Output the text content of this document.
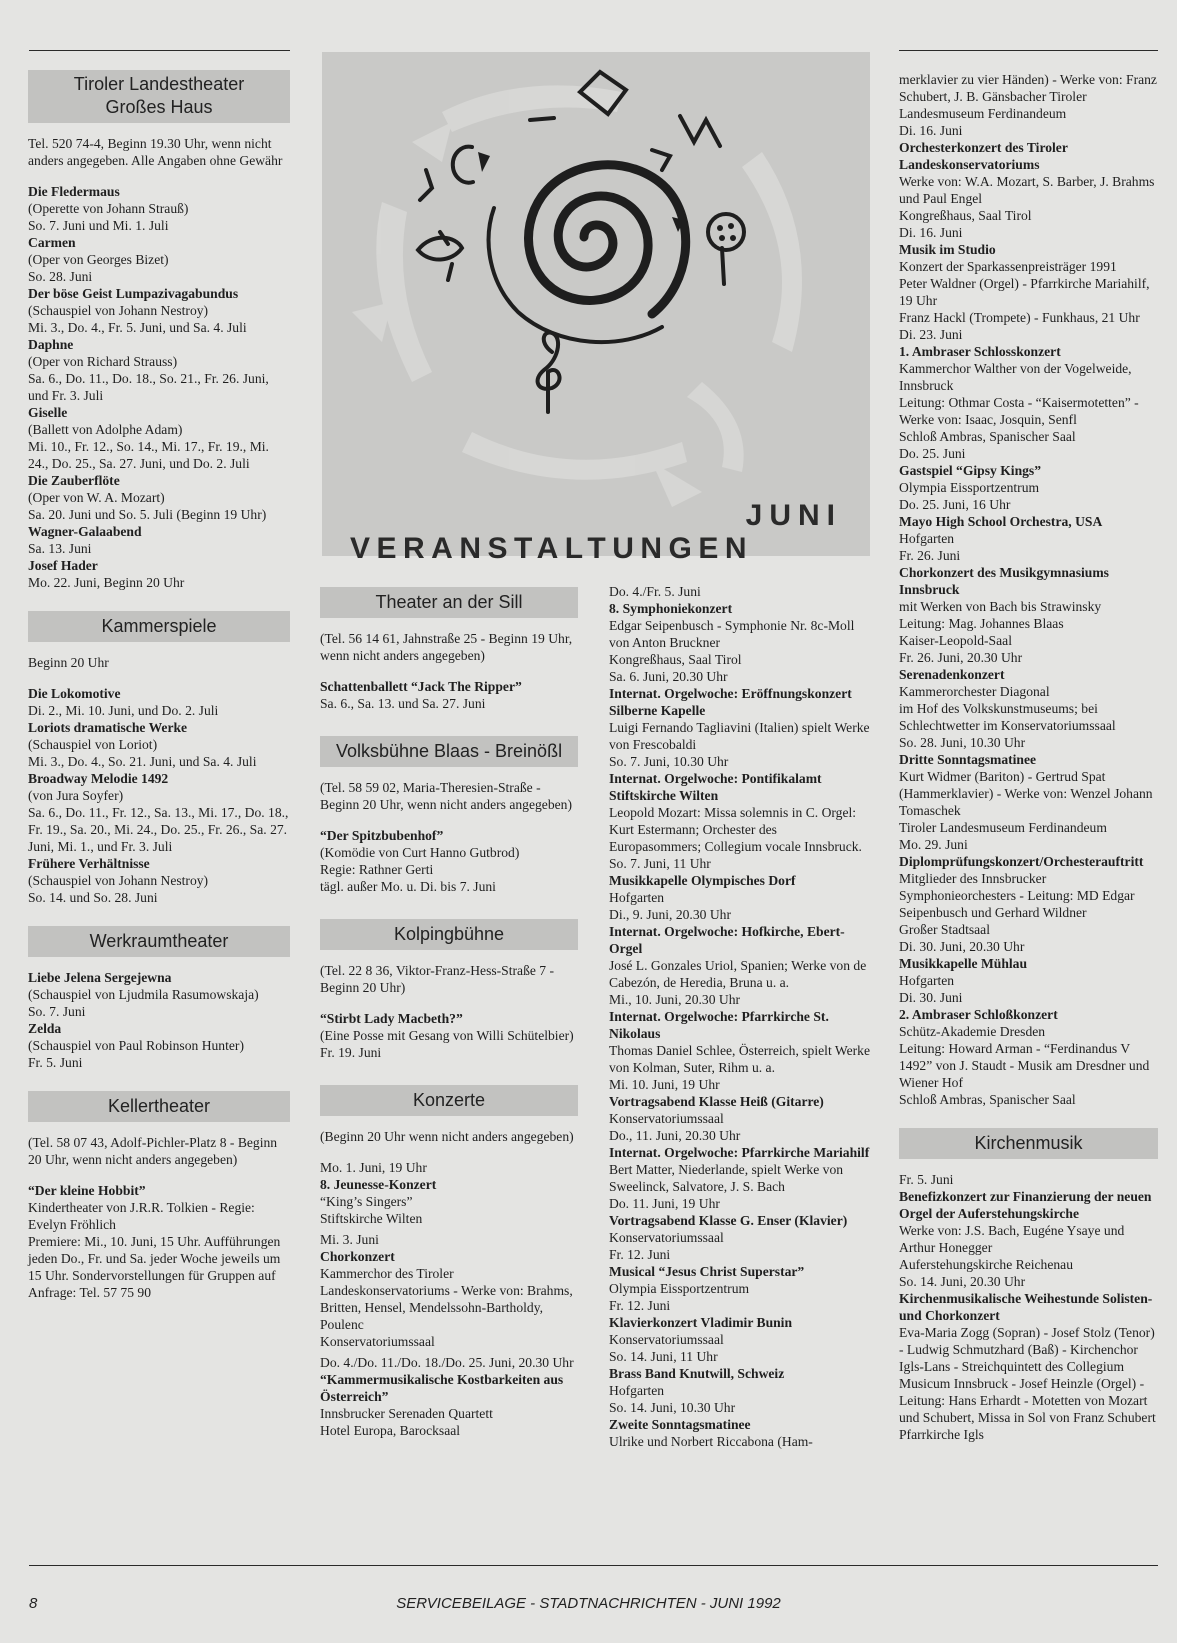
Tiroler Landestheater
Großes Haus
Tel. 520 74-4, Beginn 19.30 Uhr, wenn nicht anders angegeben. Alle Angaben ohne Gewähr
Die Fledermaus
(Operette von Johann Strauß)
So. 7. Juni und Mi. 1. Juli
Carmen
(Oper von Georges Bizet)
So. 28. Juni
Der böse Geist Lumpazivagabundus
(Schauspiel von Johann Nestroy)
Mi. 3., Do. 4., Fr. 5. Juni, und Sa. 4. Juli
Daphne
(Oper von Richard Strauss)
Sa. 6., Do. 11., Do. 18., So. 21., Fr. 26. Juni, und Fr. 3. Juli
Giselle
(Ballett von Adolphe Adam)
Mi. 10., Fr. 12., So. 14., Mi. 17., Fr. 19., Mi. 24., Do. 25., Sa. 27. Juni, und Do. 2. Juli
Die Zauberflöte
(Oper von W. A. Mozart)
Sa. 20. Juni und So. 5. Juli (Beginn 19 Uhr)
Wagner-Galaabend
Sa. 13. Juni
Josef Hader
Mo. 22. Juni, Beginn 20 Uhr
Kammerspiele
Beginn 20 Uhr
Die Lokomotive
Di. 2., Mi. 10. Juni, und Do. 2. Juli
Loriots dramatische Werke
(Schauspiel von Loriot)
Mi. 3., Do. 4., So. 21. Juni, und Sa. 4. Juli
Broadway Melodie 1492
(von Jura Soyfer)
Sa. 6., Do. 11., Fr. 12., Sa. 13., Mi. 17., Do. 18., Fr. 19., Sa. 20., Mi. 24., Do. 25., Fr. 26., Sa. 27. Juni, Mi. 1., und Fr. 3. Juli
Frühere Verhältnisse
(Schauspiel von Johann Nestroy)
So. 14. und So. 28. Juni
Werkraumtheater
Liebe Jelena Sergejewna
(Schauspiel von Ljudmila Rasumowskaja)
So. 7. Juni
Zelda
(Schauspiel von Paul Robinson Hunter)
Fr. 5. Juni
Kellertheater
(Tel. 58 07 43, Adolf-Pichler-Platz 8 - Beginn 20 Uhr, wenn nicht anders angegeben)
“Der kleine Hobbit”
Kindertheater von J.R.R. Tolkien - Regie: Evelyn Fröhlich
Premiere: Mi., 10. Juni, 15 Uhr. Aufführungen jeden Do., Fr. und Sa. jeder Woche jeweils um 15 Uhr. Sondervorstellungen für Gruppen auf Anfrage: Tel. 57 75 90
JUNI
VERANSTALTUNGEN
Theater an der Sill
(Tel. 56 14 61, Jahnstraße 25 - Beginn 19 Uhr, wenn nicht anders angegeben)
Schattenballett “Jack The Ripper”
Sa. 6., Sa. 13. und Sa. 27. Juni
Volksbühne Blaas - Breinößl
(Tel. 58 59 02, Maria-Theresien-Straße - Beginn 20 Uhr, wenn nicht anders angegeben)
“Der Spitzbubenhof”
(Komödie von Curt Hanno Gutbrod)
Regie: Rathner Gerti
tägl. außer Mo. u. Di. bis 7. Juni
Kolpingbühne
(Tel. 22 8 36, Viktor-Franz-Hess-Straße 7 - Beginn 20 Uhr)
“Stirbt Lady Macbeth?”
(Eine Posse mit Gesang von Willi Schütelbier)
Fr. 19. Juni
Konzerte
(Beginn 20 Uhr wenn nicht anders angegeben)
Mo. 1. Juni, 19 Uhr
8. Jeunesse-Konzert
“King’s Singers”
Stiftskirche Wilten
Mi. 3. Juni
Chorkonzert
Kammerchor des Tiroler Landeskonservatoriums - Werke von: Brahms, Britten, Hensel, Mendelssohn-Bartholdy, Poulenc
Konservatoriumssaal
Do. 4./Do. 11./Do. 18./Do. 25. Juni, 20.30 Uhr
“Kammermusikalische Kostbarkeiten aus Österreich”
Innsbrucker Serenaden Quartett
Hotel Europa, Barocksaal
Do. 4./Fr. 5. Juni
8. Symphoniekonzert
Edgar Seipenbusch - Symphonie Nr. 8c-Moll von Anton Bruckner
Kongreßhaus, Saal Tirol
Sa. 6. Juni, 20.30 Uhr
Internat. Orgelwoche: Eröffnungskonzert Silberne Kapelle
Luigi Fernando Tagliavini (Italien) spielt Werke von Frescobaldi
So. 7. Juni, 10.30 Uhr
Internat. Orgelwoche: Pontifikalamt Stiftskirche Wilten
Leopold Mozart: Missa solemnis in C. Orgel: Kurt Estermann; Orchester des Europasommers; Collegium vocale Innsbruck.
So. 7. Juni, 11 Uhr
Musikkapelle Olympisches Dorf
Hofgarten
Di., 9. Juni, 20.30 Uhr
Internat. Orgelwoche: Hofkirche, Ebert-Orgel
José L. Gonzales Uriol, Spanien; Werke von de Cabezón, de Heredia, Bruna u. a.
Mi., 10. Juni, 20.30 Uhr
Internat. Orgelwoche: Pfarrkirche St. Nikolaus
Thomas Daniel Schlee, Österreich, spielt Werke von Kolman, Suter, Rihm u. a.
Mi. 10. Juni, 19 Uhr
Vortragsabend Klasse Heiß (Gitarre)
Konservatoriumssaal
Do., 11. Juni, 20.30 Uhr
Internat. Orgelwoche: Pfarrkirche Mariahilf
Bert Matter, Niederlande, spielt Werke von Sweelinck, Salvatore, J. S. Bach
Do. 11. Juni, 19 Uhr
Vortragsabend Klasse G. Enser (Klavier)
Konservatoriumssaal
Fr. 12. Juni
Musical “Jesus Christ Superstar”
Olympia Eissportzentrum
Fr. 12. Juni
Klavierkonzert Vladimir Bunin
Konservatoriumssaal
So. 14. Juni, 11 Uhr
Brass Band Knutwill, Schweiz
Hofgarten
So. 14. Juni, 10.30 Uhr
Zweite Sonntagsmatinee
Ulrike und Norbert Riccabona (Ham-
merklavier zu vier Händen) - Werke von: Franz Schubert, J. B. Gänsbacher Tiroler Landesmuseum Ferdinandeum
Di. 16. Juni
Orchesterkonzert des Tiroler Landeskonservatoriums
Werke von: W.A. Mozart, S. Barber, J. Brahms und Paul Engel
Kongreßhaus, Saal Tirol
Di. 16. Juni
Musik im Studio
Konzert der Sparkassenpreisträger 1991
Peter Waldner (Orgel) - Pfarrkirche Mariahilf, 19 Uhr
Franz Hackl (Trompete) - Funkhaus, 21 Uhr
Di. 23. Juni
1. Ambraser Schlosskonzert
Kammerchor Walther von der Vogelweide, Innsbruck
Leitung: Othmar Costa - “Kaisermotetten” - Werke von: Isaac, Josquin, Senfl
Schloß Ambras, Spanischer Saal
Do. 25. Juni
Gastspiel “Gipsy Kings”
Olympia Eissportzentrum
Do. 25. Juni, 16 Uhr
Mayo High School Orchestra, USA
Hofgarten
Fr. 26. Juni
Chorkonzert des Musikgymnasiums Innsbruck
mit Werken von Bach bis Strawinsky
Leitung: Mag. Johannes Blaas
Kaiser-Leopold-Saal
Fr. 26. Juni, 20.30 Uhr
Serenadenkonzert
Kammerorchester Diagonal
im Hof des Volkskunstmuseums; bei Schlechtwetter im Konservatoriumssaal
So. 28. Juni, 10.30 Uhr
Dritte Sonntagsmatinee
Kurt Widmer (Bariton) - Gertrud Spat (Hammerklavier) - Werke von: Wenzel Johann Tomaschek
Tiroler Landesmuseum Ferdinandeum
Mo. 29. Juni
Diplomprüfungskonzert/Orchesterauftritt
Mitglieder des Innsbrucker Symphonieorchesters - Leitung: MD Edgar Seipenbusch und Gerhard Wildner
Großer Stadtsaal
Di. 30. Juni, 20.30 Uhr
Musikkapelle Mühlau
Hofgarten
Di. 30. Juni
2. Ambraser Schloßkonzert
Schütz-Akademie Dresden
Leitung: Howard Arman - “Ferdinandus V 1492” von J. Staudt - Musik am Dresdner und Wiener Hof
Schloß Ambras, Spanischer Saal
Kirchenmusik
Fr. 5. Juni
Benefizkonzert zur Finanzierung der neuen Orgel der Auferstehungskirche
Werke von: J.S. Bach, Eugéne Ysaye und Arthur Honegger
Auferstehungskirche Reichenau
So. 14. Juni, 20.30 Uhr
Kirchenmusikalische Weihestunde Solisten- und Chorkonzert
Eva-Maria Zogg (Sopran) - Josef Stolz (Tenor) - Ludwig Schmutzhard (Baß) - Kirchenchor Igls-Lans - Streichquintett des Collegium Musicum Innsbruck - Josef Heinzle (Orgel) - Leitung: Hans Erhardt - Motetten von Mozart und Schubert, Missa in Sol von Franz Schubert
Pfarrkirche Igls
8	SERVICEBEILAGE - STADTNACHRICHTEN - JUNI 1992
